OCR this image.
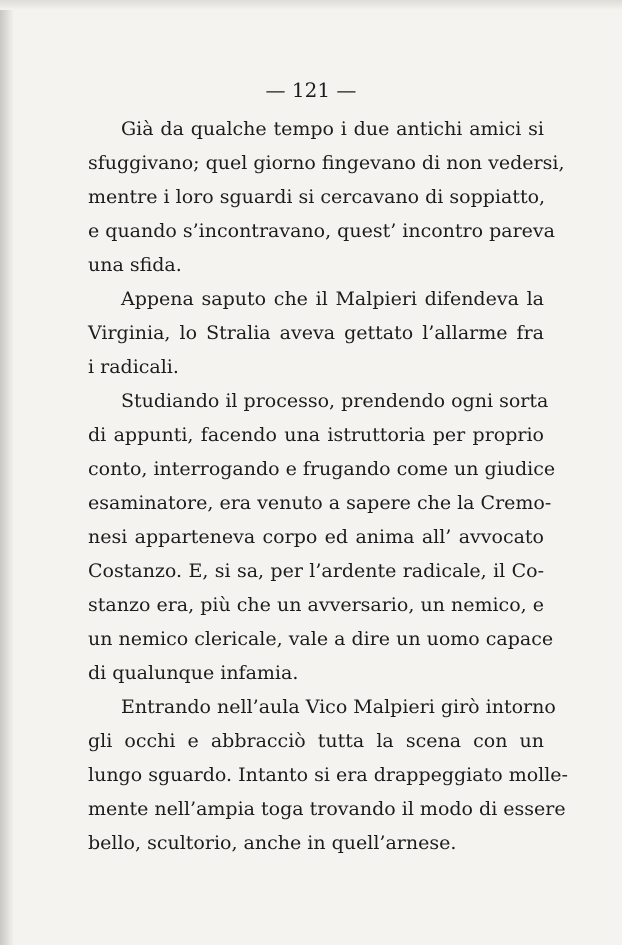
— 121 —

Già da qualche tempo i due antichi amici si
sfuggivano; quel giorno fingevano di non vedersi,
mentre i loro sguardi si cercavano di soppiatto,
e quando s’incontravano, quest’ incontro pareva
una sfida.

Appena saputo che il Malpieri difendeva la
Virginia, lo Stralia aveva gettato l’allarme fra
i radicali.

Studiando il processo, prendendo ogni sorta
di appunti, facendo una istruttoria per proprio
conto, interrogando e frugando come un giudice
esaminatore, era venuto a sapere che la Cremo-
nesi apparteneva corpo ed anima all’ avvocato
Costanzo. E, si sa, per l’ardente radicale, il Co-
stanzo era, più che un avversario, un nemico, e
un nemico clericale, vale a dire un uomo capace
di qualunque infamia.

Entrando nell’aula Vico Malpieri girò intorno
gli occhi e abbracciò tutta la scena con un
lungo sguardo. Intanto si era drappeggiato molle-
mente nell’ampia toga trovando il modo di essere
bello, scultorio, anche in quell’arnese.
